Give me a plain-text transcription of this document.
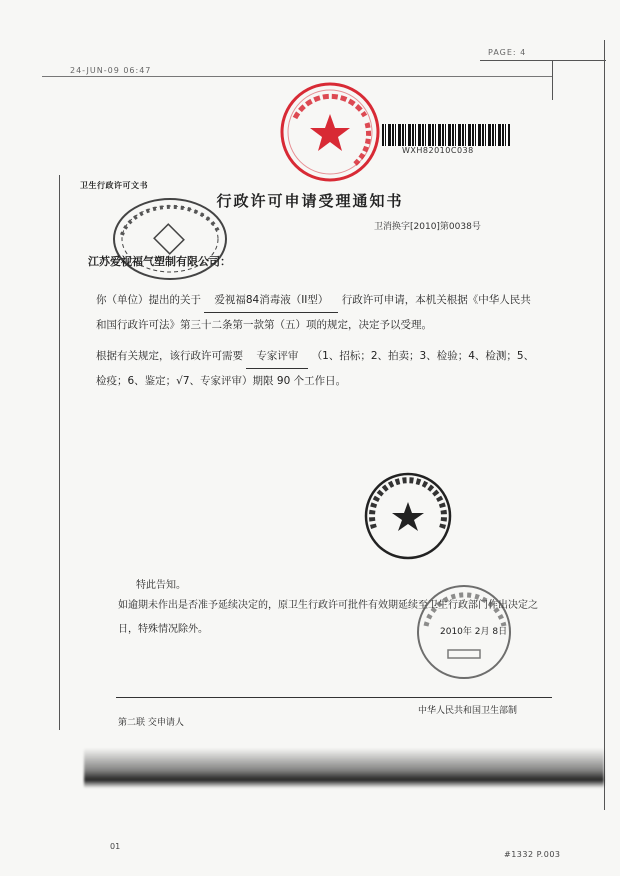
PAGE: 4
24-JUN-09 06:47
WXH82010C038
卫生行政许可文书
行政许可申请受理通知书
卫消换字[2010]第0038号
江苏爱视福气塑制有限公司：
你（单位）提出的关于 爱视福84消毒液（II型） 行政许可申请，本机关根据《中华人民共和国行政许可法》第三十二条第一款第（五）项的规定，决定予以受理。
根据有关规定，该行政许可需要 专家评审 （1、招标；2、拍卖；3、检验；4、检测；5、检疫；6、鉴定；√7、专家评审）期限 90 个工作日。
特此告知。
如逾期未作出是否准予延续决定的，原卫生行政许可批件有效期延续至卫生行政部门作出决定之日，特殊情况除外。	2010年 2月 8日
中华人民共和国卫生部制
第二联 交申请人
01
#1332 P.003
